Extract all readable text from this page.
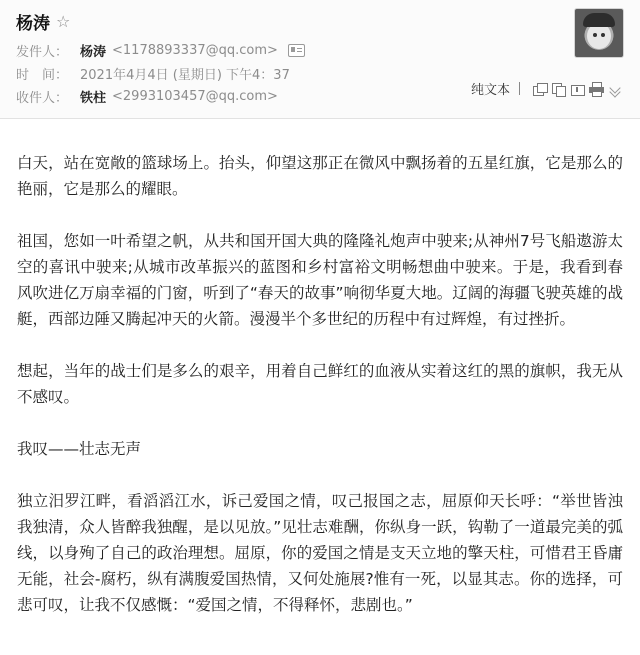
杨涛 ☆
发件人： 杨涛 <1178893337@qq.com>
时　间： 2021年4月4日 (星期日) 下午4：37
收件人： 铁柱 <2993103457@qq.com>	纯文本

白天，站在宽敞的篮球场上。抬头，仰望这那正在微风中飘扬着的五星红旗，它是那么的艳丽，它是那么的耀眼。

祖国，您如一叶希望之帆，从共和国开国大典的隆隆礼炮声中驶来;从神州7号飞船遨游太空的喜讯中驶来;从城市改革振兴的蓝图和乡村富裕文明畅想曲中驶来。于是，我看到春风吹进亿万扇幸福的门窗，听到了“春天的故事”响彻华夏大地。辽阔的海疆飞驶英雄的战艇，西部边陲又腾起冲天的火箭。漫漫半个多世纪的历程中有过辉煌，有过挫折。

想起，当年的战士们是多么的艰辛，用着自己鲜红的血液从实着这红的黑的旗帜，我无从不感叹。

我叹——壮志无声

独立汨罗江畔，看滔滔江水，诉己爱国之情，叹己报国之志，屈原仰天长呼：“举世皆浊我独清，众人皆醉我独醒，是以见放。”见壮志难酬，你纵身一跃，钩勒了一道最完美的弧线，以身殉了自己的政治理想。屈原，你的爱国之情是支天立地的擎天柱，可惜君王昏庸无能，社会-腐朽，纵有满腹爱国热情，又何处施展?惟有一死，以显其志。你的选择，可悲可叹，让我不仅感慨：“爱国之情，不得释怀，悲剧也。”
